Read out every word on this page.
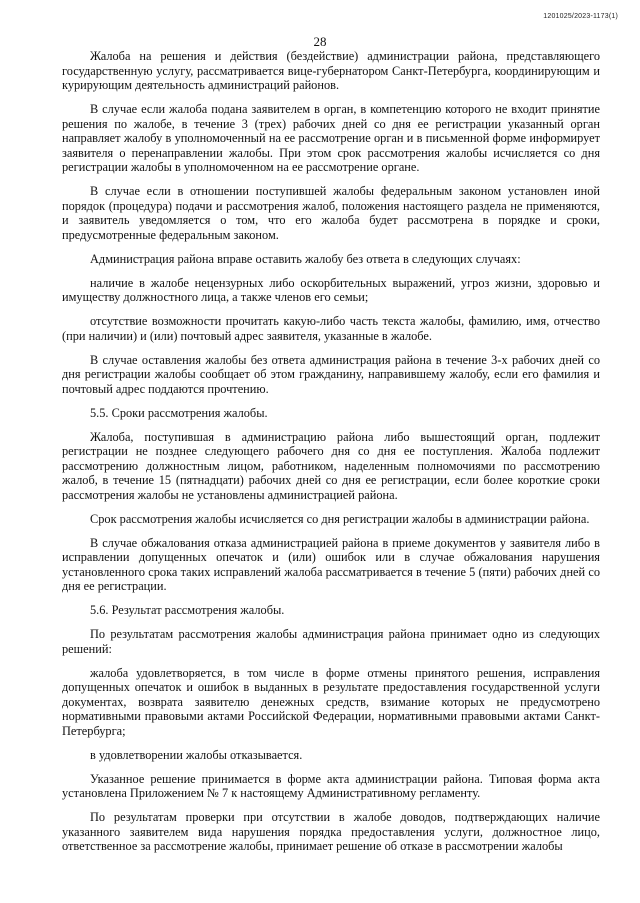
1201025/2023-1173(1)
28

Жалоба на решения и действия (бездействие) администрации района, представляющего государственную услугу, рассматривается вице-губернатором Санкт-Петербурга, координирующим и курирующим деятельность администраций районов.

В случае если жалоба подана заявителем в орган, в компетенцию которого не входит принятие решения по жалобе, в течение 3 (трех) рабочих дней со дня ее регистрации указанный орган направляет жалобу в уполномоченный на ее рассмотрение орган и в письменной форме информирует заявителя о перенаправлении жалобы. При этом срок рассмотрения жалобы исчисляется со дня регистрации жалобы в уполномоченном на ее рассмотрение органе.

В случае если в отношении поступившей жалобы федеральным законом установлен иной порядок (процедура) подачи и рассмотрения жалоб, положения настоящего раздела не применяются, и заявитель уведомляется о том, что его жалоба будет рассмотрена в порядке и сроки, предусмотренные федеральным законом.

Администрация района вправе оставить жалобу без ответа в следующих случаях:

наличие в жалобе нецензурных либо оскорбительных выражений, угроз жизни, здоровью и имуществу должностного лица, а также членов его семьи;

отсутствие возможности прочитать какую-либо часть текста жалобы, фамилию, имя, отчество (при наличии) и (или) почтовый адрес заявителя, указанные в жалобе.

В случае оставления жалобы без ответа администрация района в течение 3-х рабочих дней со дня регистрации жалобы сообщает об этом гражданину, направившему жалобу, если его фамилия и почтовый адрес поддаются прочтению.

5.5. Сроки рассмотрения жалобы.

Жалоба, поступившая в администрацию района либо вышестоящий орган, подлежит регистрации не позднее следующего рабочего дня со дня ее поступления. Жалоба подлежит рассмотрению должностным лицом, работником, наделенным полномочиями по рассмотрению жалоб, в течение 15 (пятнадцати) рабочих дней со дня ее регистрации, если более короткие сроки рассмотрения жалобы не установлены администрацией района.

Срок рассмотрения жалобы исчисляется со дня регистрации жалобы в администрации района.

В случае обжалования отказа администрацией района в приеме документов у заявителя либо в исправлении допущенных опечаток и (или) ошибок или в случае обжалования нарушения установленного срока таких исправлений жалоба рассматривается в течение 5 (пяти) рабочих дней со дня ее регистрации.

5.6. Результат рассмотрения жалобы.

По результатам рассмотрения жалобы администрация района принимает одно из следующих решений:

жалоба удовлетворяется, в том числе в форме отмены принятого решения, исправления допущенных опечаток и ошибок в выданных в результате предоставления государственной услуги документах, возврата заявителю денежных средств, взимание которых не предусмотрено нормативными правовыми актами Российской Федерации, нормативными правовыми актами Санкт-Петербурга;

в удовлетворении жалобы отказывается.

Указанное решение принимается в форме акта администрации района. Типовая форма акта установлена Приложением № 7 к настоящему Административному регламенту.

По результатам проверки при отсутствии в жалобе доводов, подтверждающих наличие указанного заявителем вида нарушения порядка предоставления услуги, должностное лицо, ответственное за рассмотрение жалобы, принимает решение об отказе в рассмотрении жалобы
